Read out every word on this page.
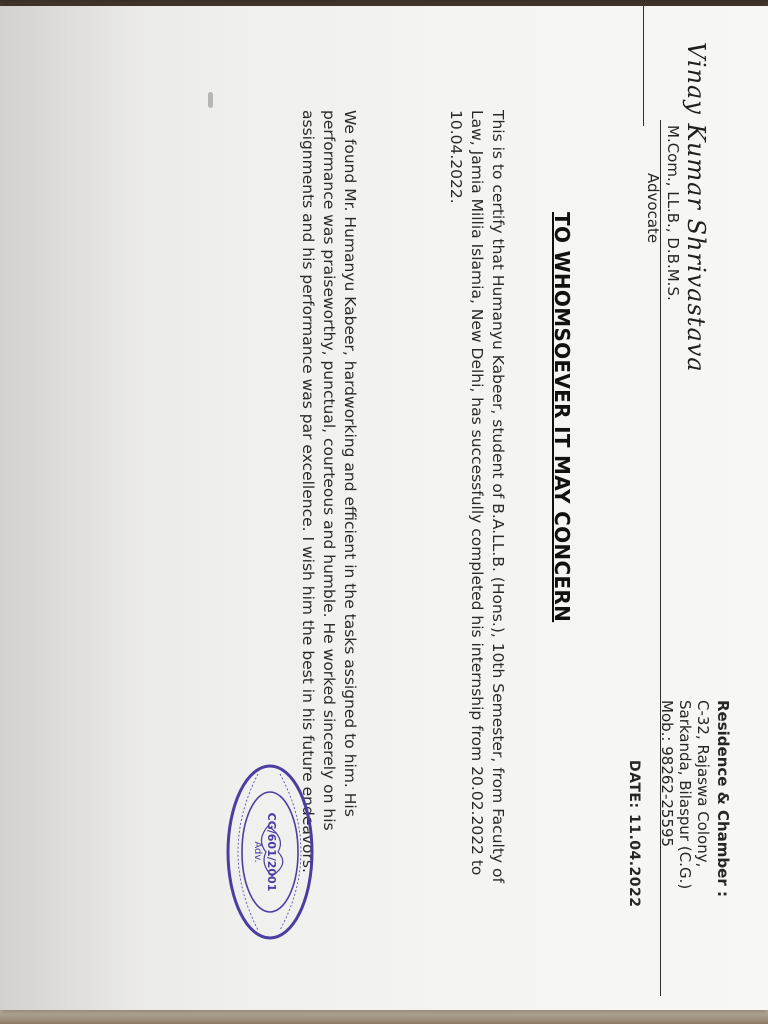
Vinay Kumar Shrivastava

M.Com., LL.B., D.B.M.S.

Advocate

Residence & Chamber :

C-32, Rajaswa Colony,

Sarkanda, Bilaspur (C.G.)

Mob.: 98262-25595

DATE: 11.04.2022

TO WHOMSOEVER IT MAY CONCERN

This is to certify that Humanyu Kabeer, student of B.A.LL.B. (Hons.), 10th Semester, from Faculty of Law, Jamia Millia Islamia, New Delhi, has successfully completed his internship from 20.02.2022 to 10.04.2022.

We found Mr. Humanyu Kabeer, hardworking and efficient in the tasks assigned to him. His performance was praiseworthy, punctual, courteous and humble. He worked sincerely on his assignments and his performance was par excellence. I wish him the best in his future endeavors.

CG/601/2001
Adv.
